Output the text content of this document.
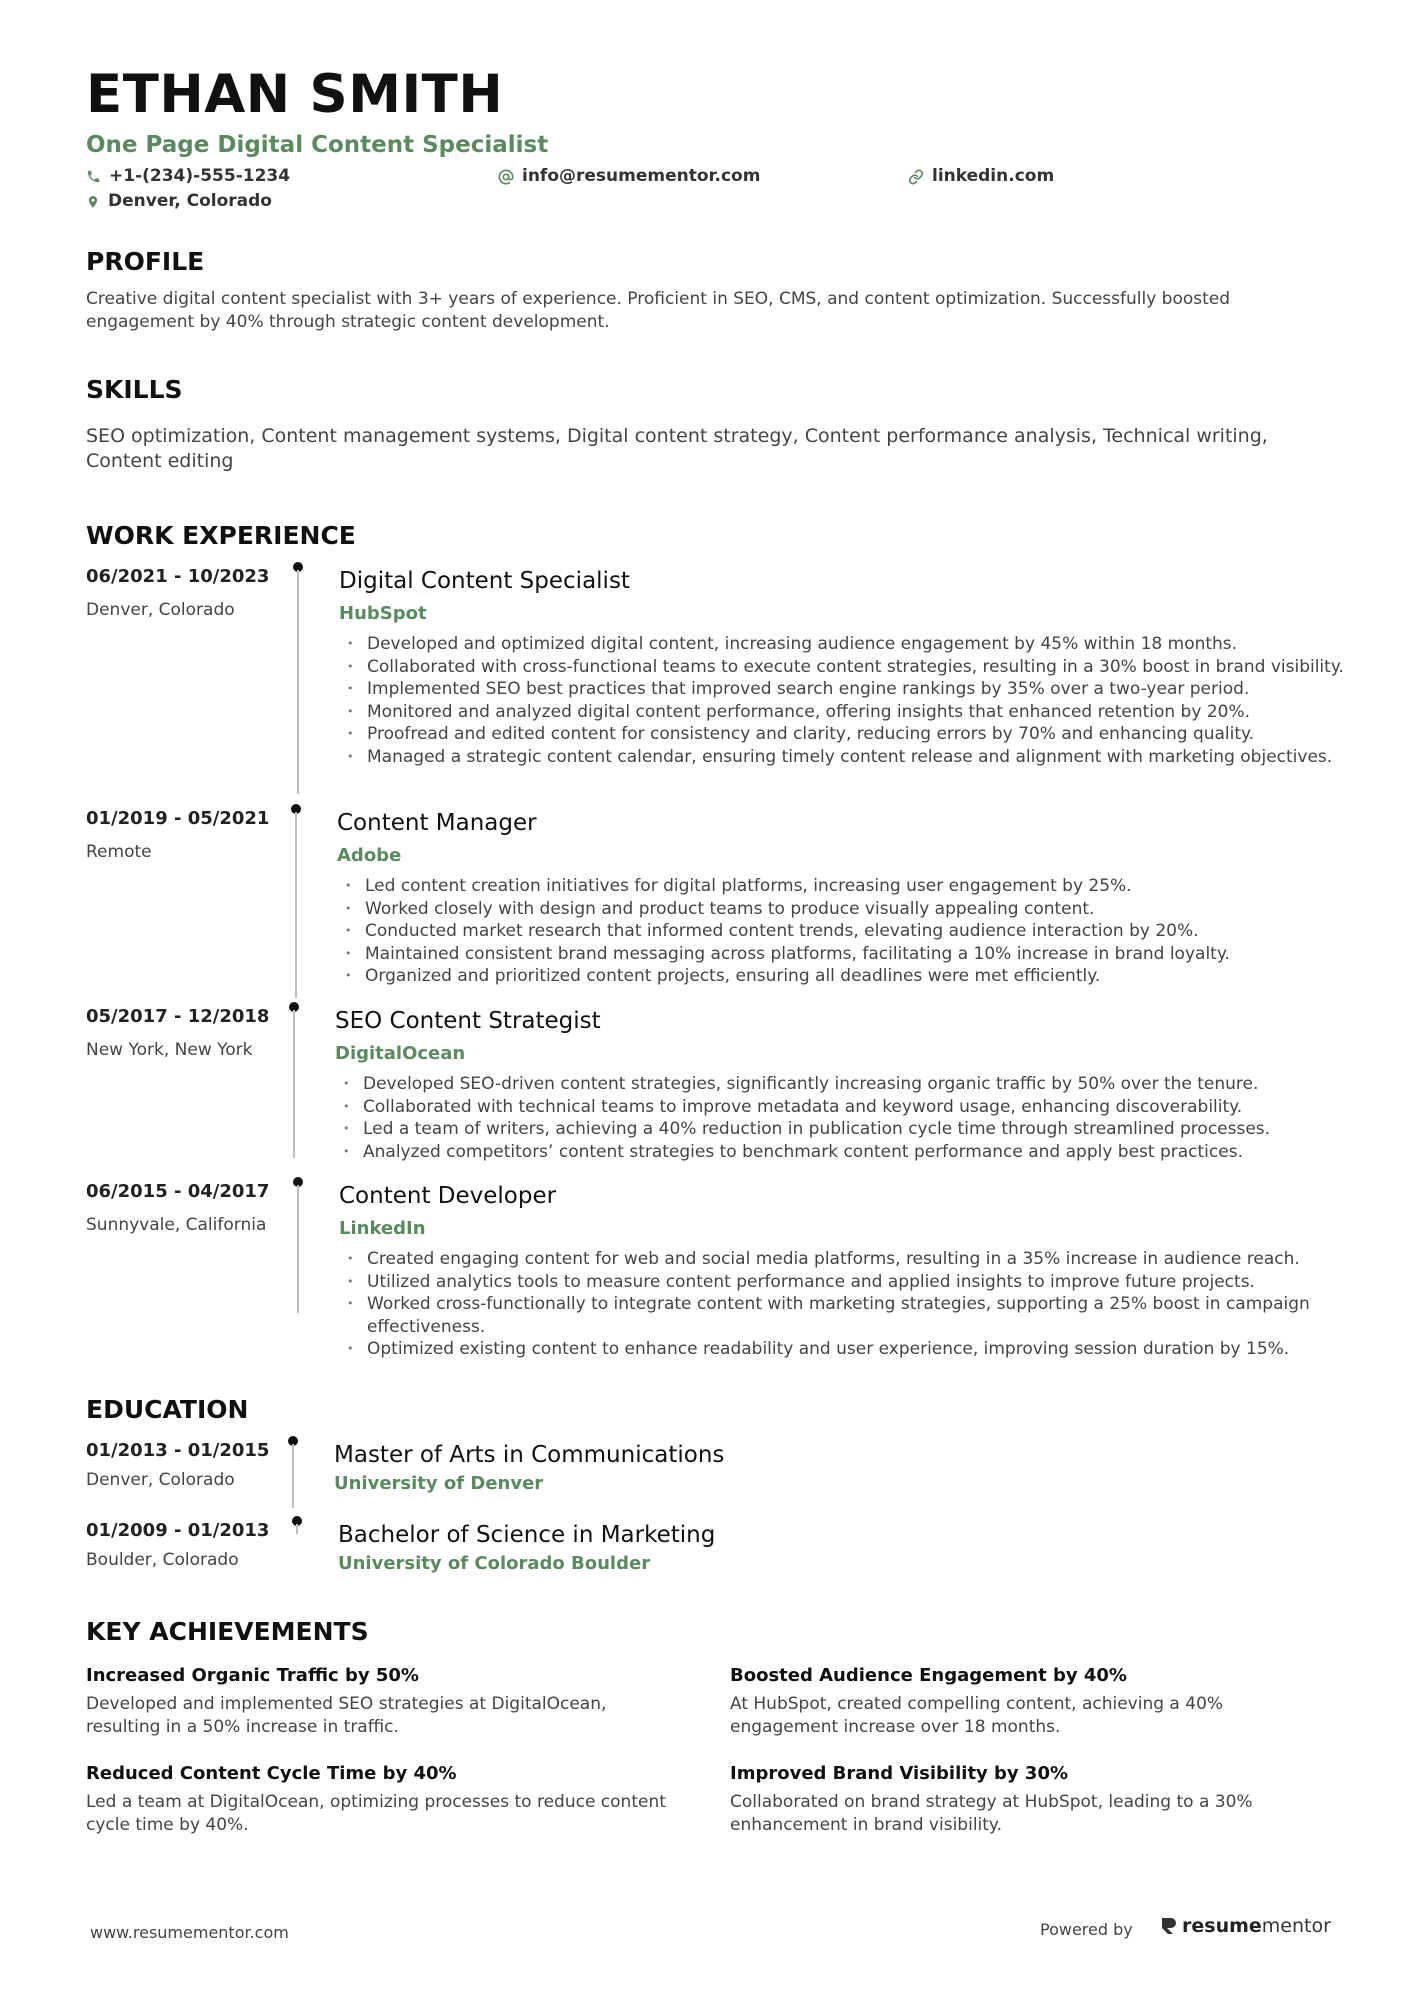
ETHAN SMITH
One Page Digital Content Specialist
+1-(234)-555-1234	info@resumementor.com	linkedin.com
Denver, Colorado
PROFILE
Creative digital content specialist with 3+ years of experience. Proficient in SEO, CMS, and content optimization. Successfully boosted engagement by 40% through strategic content development.
SKILLS
SEO optimization, Content management systems, Digital content strategy, Content performance analysis, Technical writing, Content editing
WORK EXPERIENCE
06/2021 - 10/2023
Denver, Colorado
Digital Content Specialist
HubSpot
• Developed and optimized digital content, increasing audience engagement by 45% within 18 months.
• Collaborated with cross-functional teams to execute content strategies, resulting in a 30% boost in brand visibility.
• Implemented SEO best practices that improved search engine rankings by 35% over a two-year period.
• Monitored and analyzed digital content performance, offering insights that enhanced retention by 20%.
• Proofread and edited content for consistency and clarity, reducing errors by 70% and enhancing quality.
• Managed a strategic content calendar, ensuring timely content release and alignment with marketing objectives.
01/2019 - 05/2021
Remote
Content Manager
Adobe
• Led content creation initiatives for digital platforms, increasing user engagement by 25%.
• Worked closely with design and product teams to produce visually appealing content.
• Conducted market research that informed content trends, elevating audience interaction by 20%.
• Maintained consistent brand messaging across platforms, facilitating a 10% increase in brand loyalty.
• Organized and prioritized content projects, ensuring all deadlines were met efficiently.
05/2017 - 12/2018
New York, New York
SEO Content Strategist
DigitalOcean
• Developed SEO-driven content strategies, significantly increasing organic traffic by 50% over the tenure.
• Collaborated with technical teams to improve metadata and keyword usage, enhancing discoverability.
• Led a team of writers, achieving a 40% reduction in publication cycle time through streamlined processes.
• Analyzed competitors’ content strategies to benchmark content performance and apply best practices.
06/2015 - 04/2017
Sunnyvale, California
Content Developer
LinkedIn
• Created engaging content for web and social media platforms, resulting in a 35% increase in audience reach.
• Utilized analytics tools to measure content performance and applied insights to improve future projects.
• Worked cross-functionally to integrate content with marketing strategies, supporting a 25% boost in campaign effectiveness.
• Optimized existing content to enhance readability and user experience, improving session duration by 15%.
EDUCATION
01/2013 - 01/2015
Denver, Colorado
Master of Arts in Communications
University of Denver
01/2009 - 01/2013
Boulder, Colorado
Bachelor of Science in Marketing
University of Colorado Boulder
KEY ACHIEVEMENTS
Increased Organic Traffic by 50%
Developed and implemented SEO strategies at DigitalOcean, resulting in a 50% increase in traffic.
Boosted Audience Engagement by 40%
At HubSpot, created compelling content, achieving a 40% engagement increase over 18 months.
Reduced Content Cycle Time by 40%
Led a team at DigitalOcean, optimizing processes to reduce content cycle time by 40%.
Improved Brand Visibility by 30%
Collaborated on brand strategy at HubSpot, leading to a 30% enhancement in brand visibility.
www.resumementor.com	Powered by	resume mentor
